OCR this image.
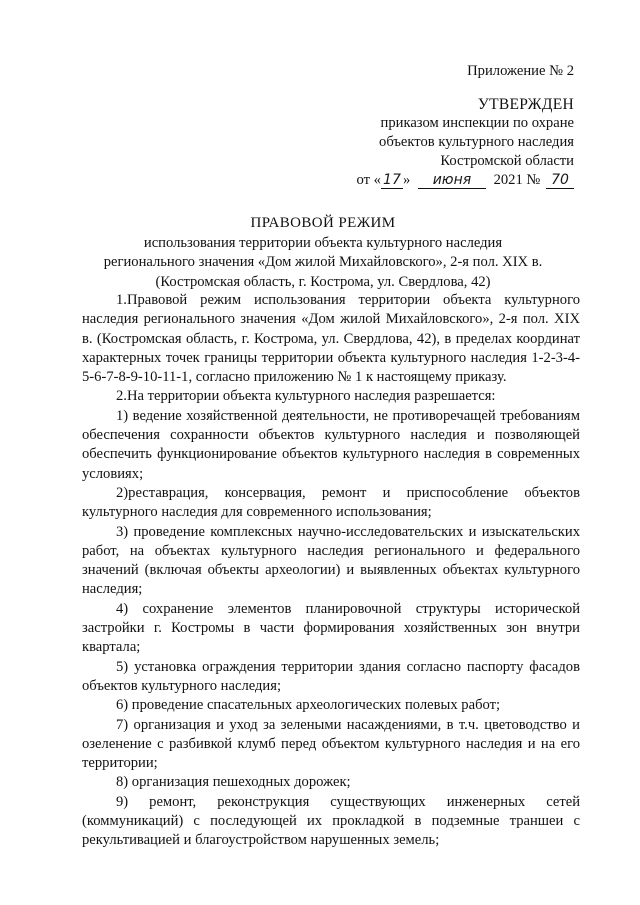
Приложение № 2
УТВЕРЖДЕН
приказом инспекции по охране
объектов культурного наследия
Костромской области
от « 17 » июня 2021 № 70
ПРАВОВОЙ РЕЖИМ
использования территории объекта культурного наследия
регионального значения «Дом жилой Михайловского», 2-я пол. XIX в.
(Костромская область, г. Кострома, ул. Свердлова, 42)

1.Правовой режим использования территории объекта культурного наследия регионального значения «Дом жилой Михайловского», 2-я пол. XIX в. (Костромская область, г. Кострома, ул. Свердлова, 42), в пределах координат характерных точек границы территории объекта культурного наследия 1-2-3-4-5-6-7-8-9-10-11-1, согласно приложению № 1 к настоящему приказу.

2.На территории объекта культурного наследия разрешается:

1) ведение хозяйственной деятельности, не противоречащей требованиям обеспечения сохранности объектов культурного наследия и позволяющей обеспечить функционирование объектов культурного наследия в современных условиях;

2)реставрация, консервация, ремонт и приспособление объектов культурного наследия для современного использования;

3) проведение комплексных научно-исследовательских и изыскательских работ, на объектах культурного наследия регионального и федерального значений (включая объекты археологии) и выявленных объектах культурного наследия;

4) сохранение элементов планировочной структуры исторической застройки г. Костромы в части формирования хозяйственных зон внутри квартала;

5) установка ограждения территории здания согласно паспорту фасадов объектов культурного наследия;

6) проведение спасательных археологических полевых работ;

7) организация и уход за зелеными насаждениями, в т.ч. цветоводство и озеленение с разбивкой клумб перед объектом культурного наследия и на его территории;

8) организация пешеходных дорожек;

9) ремонт, реконструкция существующих инженерных сетей (коммуникаций) с последующей их прокладкой в подземные траншеи с рекультивацией и благоустройством нарушенных земель;
